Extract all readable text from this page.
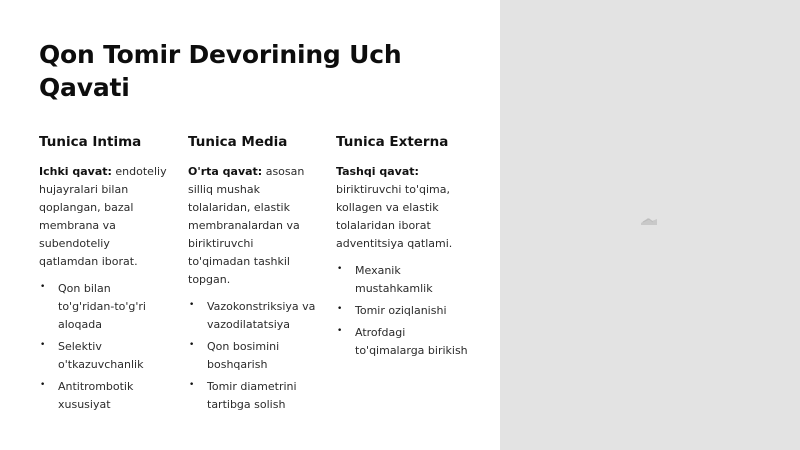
Qon Tomir Devorining Uch Qavati
Tunica Intima

Ichki qavat: endoteliy hujayralari bilan qoplangan, bazal membrana va subendoteliy qatlamdan iborat.

• Qon bilan to'g'ridan-to'g'ri aloqada
• Selektiv o'tkazuvchanlik
• Antitrombotik xususiyat
Tunica Media

O'rta qavat: asosan silliq mushak tolalaridan, elastik membranalardan va biriktiruvchi to'qimadan tashkil topgan.

• Vazokonstriksiya va vazodilatatsiya
• Qon bosimini boshqarish
• Tomir diametrini tartibga solish
Tunica Externa

Tashqi qavat: biriktiruvchi to'qima, kollagen va elastik tolalaridan iborat adventitsiya qatlami.

• Mexanik mustahkamlik
• Tomir oziqlanishi
• Atrofdagi to'qimalarga birikish
